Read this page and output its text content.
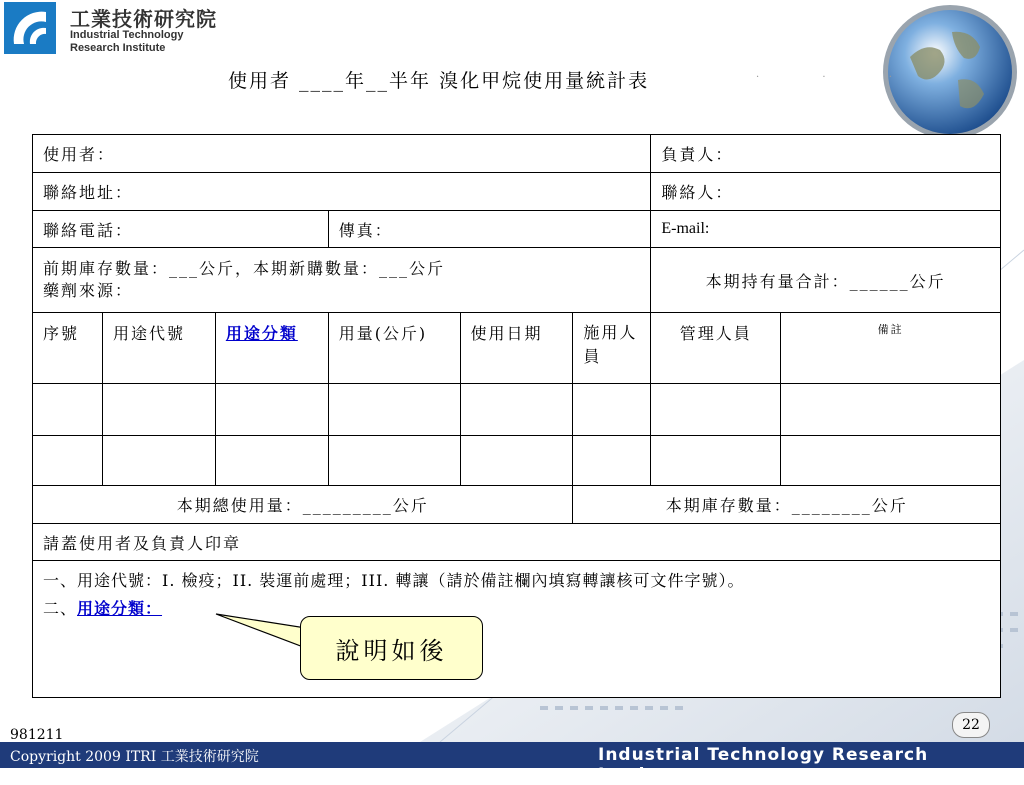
工業技術研究院
Industrial Technology
Research Institute
使用者 ____年__半年 溴化甲烷使用量統計表	· · ·
使用者：						負責人：	
聯絡地址：						聯絡人：	
聯絡電話：			傳真：			E-mail:	

前期庫存數量：___公斤，本期新購數量：___公斤
藥劑來源：						本期持有量合計：______公斤	
序號	用途代號	用途分類	用量(公斤)	使用日期	施用人員	管理人員	備註

本期總使用量：_________公斤					本期庫存數量：________公斤		
請蓋使用者及負責人印章							

一、用途代號：I. 檢疫；II. 裝運前處理；III. 轉讓（請於備註欄內填寫轉讓核可文件字號）。
二、用途分類：							
說明如後
22
981211
Copyright 2009 ITRI 工業技術研究院	Industrial Technology Research Institute
